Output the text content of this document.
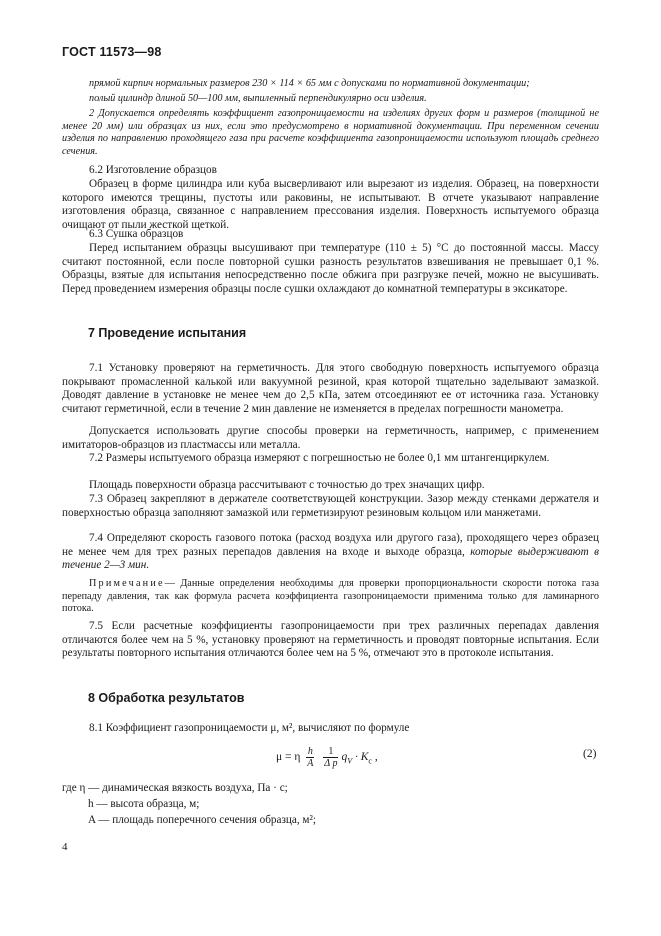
ГОСТ 11573—98

прямой кирпич нормальных размеров 230 × 114 × 65 мм с допусками по нормативной документации;

полый цилиндр длиной 50—100 мм, выпиленный перпендикулярно оси изделия.

2 Допускается определять коэффициент газопроницаемости на изделиях других форм и размеров (толщиной не менее 20 мм) или образцах из них, если это предусмотрено в нормативной документации. При переменном сечении изделия по направлению проходящего газа при расчете коэффициента газопроницаемости используют площадь среднего сечения.

6.2 Изготовление образцов

Образец в форме цилиндра или куба высверливают или вырезают из изделия. Образец, на поверхности которого имеются трещины, пустоты или раковины, не испытывают. В отчете указывают направление изготовления образца, связанное с направлением прессования изделия. Поверхность испытуемого образца очищают от пыли жесткой щеткой.

6.3 Сушка образцов

Перед испытанием образцы высушивают при температуре (110 ± 5) °С до постоянной массы. Массу считают постоянной, если после повторной сушки разность результатов взвешивания не превышает 0,1 %. Образцы, взятые для испытания непосредственно после обжига при разгрузке печей, можно не высушивать. Перед проведением измерения образцы после сушки охлаждают до комнатной температуры в эксикаторе.

7 Проведение испытания

7.1 Установку проверяют на герметичность. Для этого свободную поверхность испытуемого образца покрывают промасленной калькой или вакуумной резиной, края которой тщательно заделывают замазкой. Доводят давление в установке не менее чем до 2,5 кПа, затем отсоединяют ее от источника газа. Установку считают герметичной, если в течение 2 мин давление не изменяется в пределах погрешности манометра.

Допускается использовать другие способы проверки на герметичность, например, с применением имитаторов-образцов из пластмассы или металла.

7.2 Размеры испытуемого образца измеряют с погрешностью не более 0,1 мм штангенциркулем.

Площадь поверхности образца рассчитывают с точностью до трех значащих цифр.

7.3 Образец закрепляют в держателе соответствующей конструкции. Зазор между стенками держателя и поверхностью образца заполняют замазкой или герметизируют резиновым кольцом или манжетами.

7.4 Определяют скорость газового потока (расход воздуха или другого газа), проходящего через образец не менее чем для трех разных перепадов давления на входе и выходе образца, которые выдерживают в течение 2—3 мин.

Примечание— Данные определения необходимы для проверки пропорциональности скорости потока газа перепаду давления, так как формула расчета коэффициента газопроницаемости применима только для ламинарного потока.

7.5 Если расчетные коэффициенты газопроницаемости при трех различных перепадах давления отличаются более чем на 5 %, установку проверяют на герметичность и проводят повторные испытания. Если результаты повторного испытания отличаются более чем на 5 %, отмечают это в протоколе испытания.

8 Обработка результатов

8.1 Коэффициент газопроницаемости μ, м², вычисляют по формуле

μ = η $\frac{h}{A}$
$\frac{1}{\text{Δ p}} q_V \cdot K_c$ ,	(2)

где η — динамическая вязкость воздуха, Па · с;

h — высота образца, м;

A — площадь поперечного сечения образца, м²;

4
